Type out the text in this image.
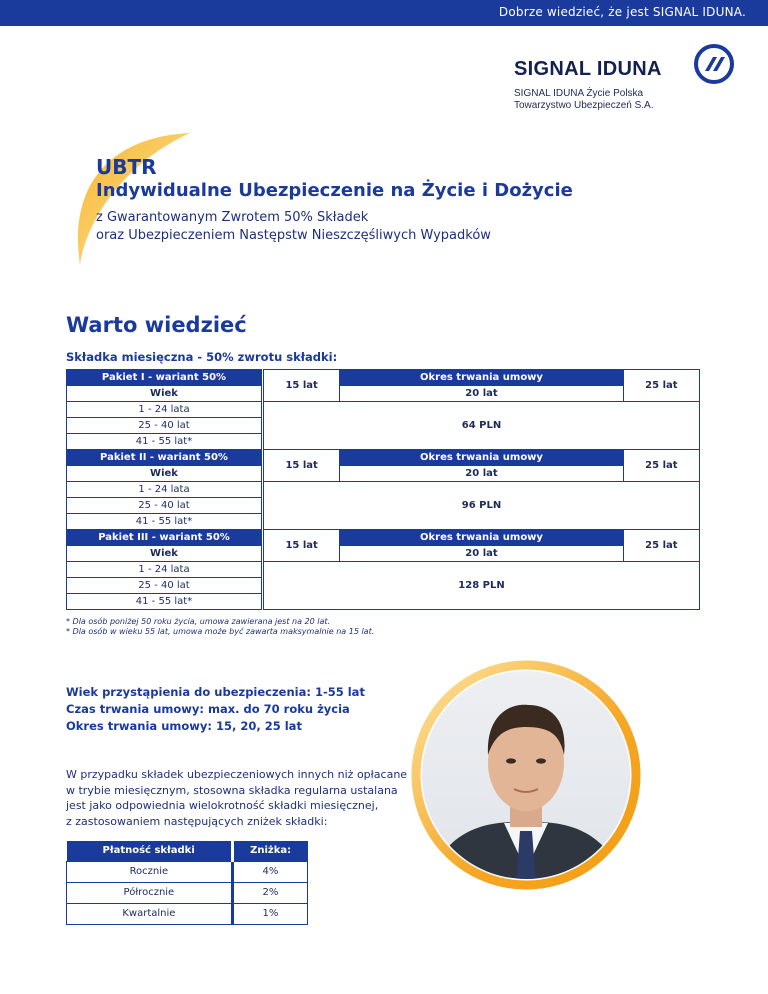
Dobrze wiedzieć, że jest SIGNAL IDUNA.
SIGNAL IDUNA
SIGNAL IDUNA Życie Polska
Towarzystwo Ubezpieczeń S.A.
UBTR
Indywidualne Ubezpieczenie na Życie i Dożycie
z Gwarantowanym Zwrotem 50% Składek
oraz Ubezpieczeniem Następstw Nieszczęśliwych Wypadków
Warto wiedzieć
Składka miesięczna - 50% zwrotu składki:
Pakiet I - wariant 50%		15 lat	Okres trwania umowy	25 lat
Wiek			20 lat	
1 - 24 lata		64 PLN		
25 - 40 lat				
41 - 55 lat*				
Pakiet II - wariant 50%		15 lat	Okres trwania umowy	25 lat
Wiek			20 lat	
1 - 24 lata		96 PLN		
25 - 40 lat				
41 - 55 lat*				
Pakiet III - wariant 50%		15 lat	Okres trwania umowy	25 lat
Wiek			20 lat	
1 - 24 lata		128 PLN		
25 - 40 lat				
41 - 55 lat*				
* Dla osób poniżej 50 roku życia, umowa zawierana jest na 20 lat.
* Dla osób w wieku 55 lat, umowa może być zawarta maksymalnie na 15 lat.
Wiek przystąpienia do ubezpieczenia: 1-55 lat
Czas trwania umowy: max. do 70 roku życia
Okres trwania umowy: 15, 20, 25 lat
W przypadku składek ubezpieczeniowych innych niż opłacane
w trybie miesięcznym, stosowna składka regularna ustalana
jest jako odpowiednia wielokrotność składki miesięcznej,
z zastosowaniem następujących zniżek składki:
Płatność składki	Zniżka:
Rocznie	4%
Półrocznie	2%
Kwartalnie	1%
